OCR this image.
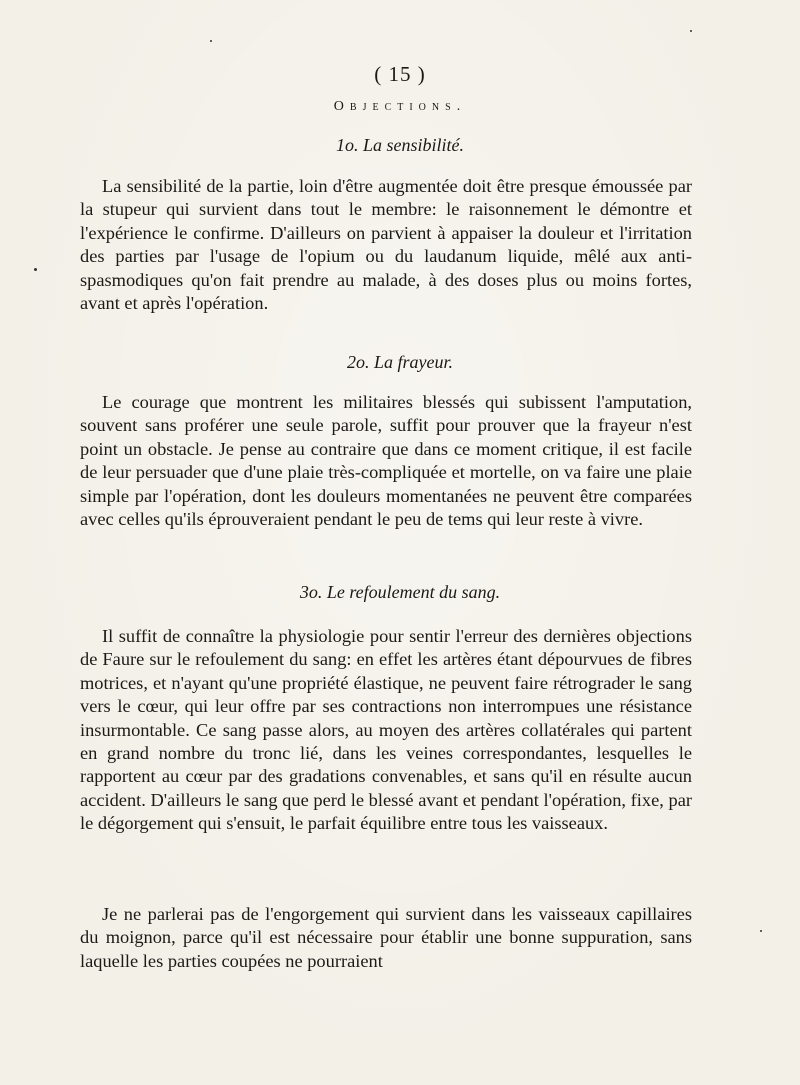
( 15 )
Objections.
1o. La sensibilité.

La sensibilité de la partie, loin d'être augmentée doit être presque émoussée par la stupeur qui survient dans tout le membre: le raisonnement le démontre et l'expérience le confirme. D'ailleurs on parvient à appaiser la douleur et l'irritation des parties par l'usage de l'opium ou du laudanum liquide, mêlé aux anti-spasmodiques qu'on fait prendre au malade, à des doses plus ou moins fortes, avant et après l'opération.

2o. La frayeur.

Le courage que montrent les militaires blessés qui subissent l'amputation, souvent sans proférer une seule parole, suffit pour prouver que la frayeur n'est point un obstacle. Je pense au contraire que dans ce moment critique, il est facile de leur persuader que d'une plaie très-compliquée et mortelle, on va faire une plaie simple par l'opération, dont les douleurs momentanées ne peuvent être comparées avec celles qu'ils éprouveraient pendant le peu de tems qui leur reste à vivre.

3o. Le refoulement du sang.

Il suffit de connaître la physiologie pour sentir l'erreur des dernières objections de Faure sur le refoulement du sang: en effet les artères étant dépourvues de fibres motrices, et n'ayant qu'une propriété élastique, ne peuvent faire rétrograder le sang vers le cœur, qui leur offre par ses contractions non interrompues une résistance insurmontable. Ce sang passe alors, au moyen des artères collatérales qui partent en grand nombre du tronc lié, dans les veines correspondantes, lesquelles le rapportent au cœur par des gradations convenables, et sans qu'il en résulte aucun accident. D'ailleurs le sang que perd le blessé avant et pendant l'opération, fixe, par le dégorgement qui s'ensuit, le parfait équilibre entre tous les vaisseaux.

Je ne parlerai pas de l'engorgement qui survient dans les vaisseaux capillaires du moignon, parce qu'il est nécessaire pour établir une bonne suppuration, sans laquelle les parties coupées ne pourraient
